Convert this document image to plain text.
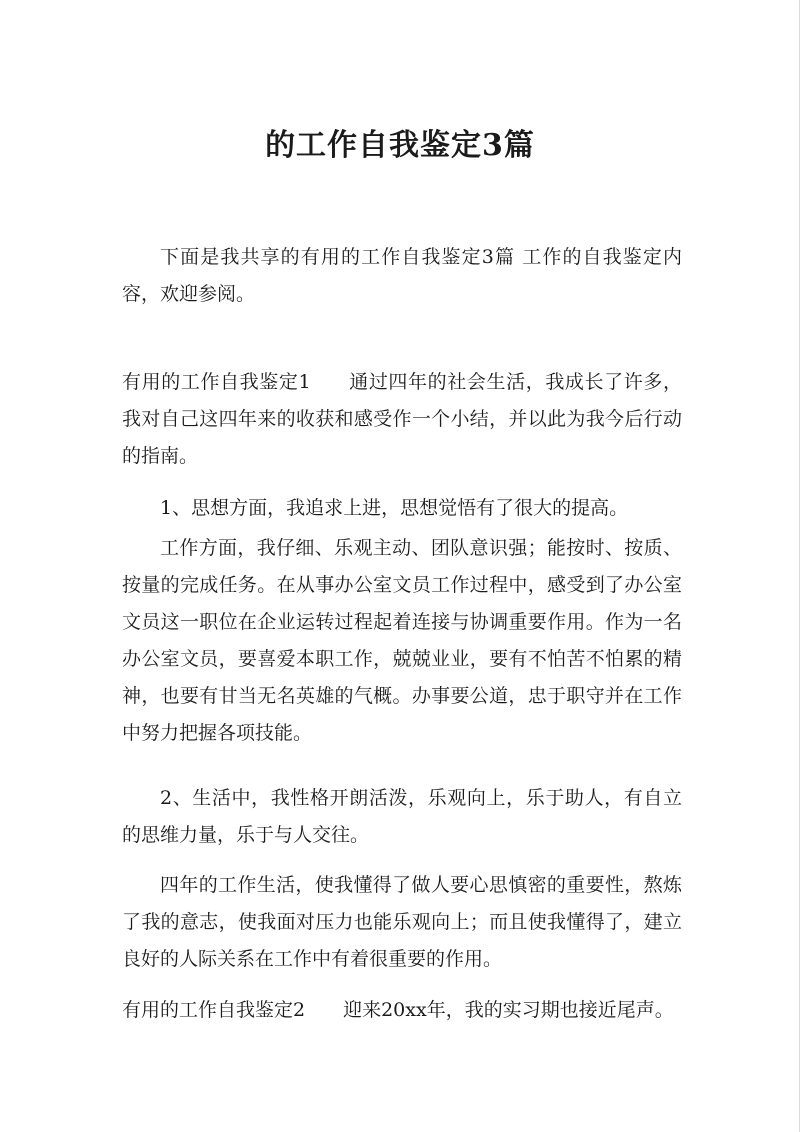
的工作自我鉴定3篇

下面是我共享的有用的工作自我鉴定3篇 工作的自我鉴定内容，欢迎参阅。

有用的工作自我鉴定1 通过四年的社会生活，我成长了许多，我对自己这四年来的收获和感受作一个小结，并以此为我今后行动的指南。

1、思想方面，我追求上进，思想觉悟有了很大的提高。

工作方面，我仔细、乐观主动、团队意识强；能按时、按质、按量的完成任务。在从事办公室文员工作过程中，感受到了办公室文员这一职位在企业运转过程起着连接与协调重要作用。作为一名办公室文员，要喜爱本职工作，兢兢业业，要有不怕苦不怕累的精神，也要有甘当无名英雄的气概。办事要公道，忠于职守并在工作中努力把握各项技能。

2、生活中，我性格开朗活泼，乐观向上，乐于助人，有自立的思维力量，乐于与人交往。

四年的工作生活，使我懂得了做人要心思慎密的重要性，熬炼了我的意志，使我面对压力也能乐观向上；而且使我懂得了，建立良好的人际关系在工作中有着很重要的作用。

有用的工作自我鉴定2 迎来20xx年，我的实习期也接近尾声。
